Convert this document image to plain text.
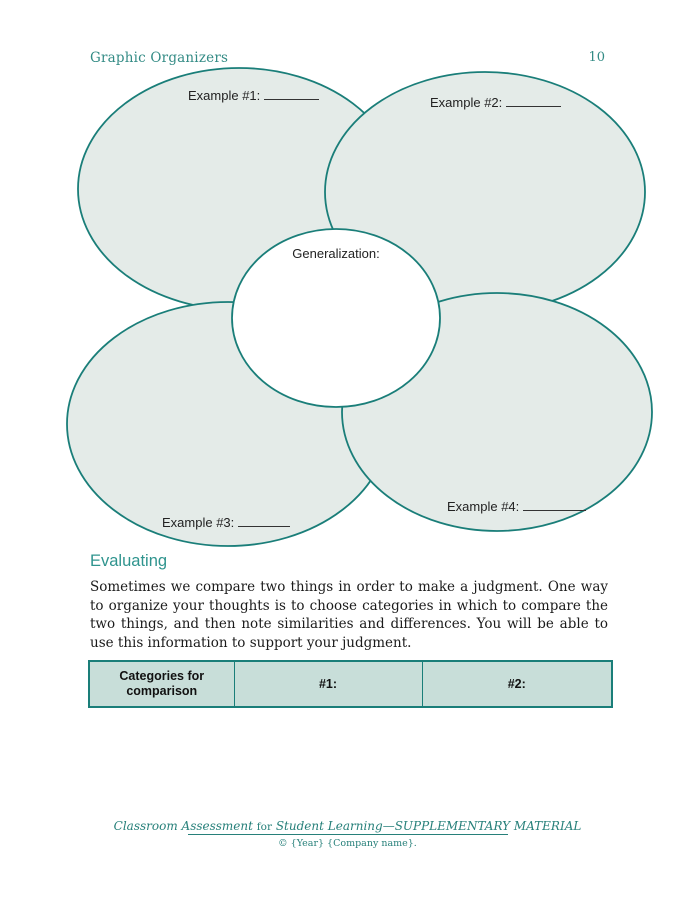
Graphic Organizers	10
Example #1:	Example #2:
Example #3:
Example #4:
Generalization:
Evaluating
Sometimes we compare two things in order to make a judgment. One way to organize your thoughts is to choose categories in which to compare the two things, and then note similarities and differences. You will be able to use this information to support your judgment.
Categories for comparison	#1:	#2:
Classroom Assessment for Student Learning—SUPPLEMENTARY MATERIAL
© {Year} {Company name}.
